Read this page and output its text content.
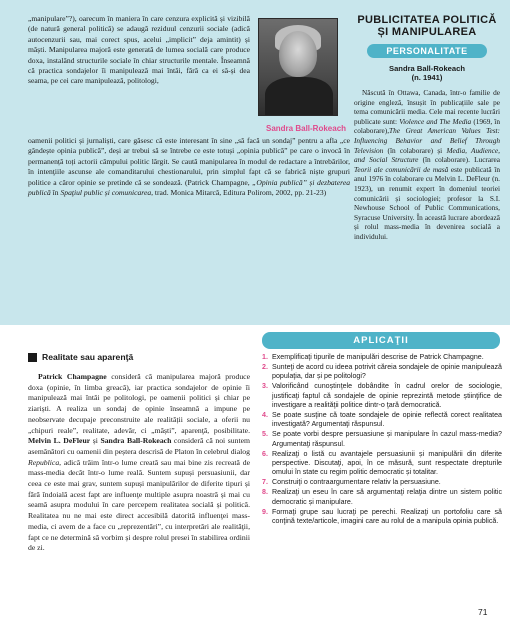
„manipulare”?), oarecum în maniera în care cenzura explicită și vizibilă (de natură general politică) se adaugă reziduul cenzurii sociale (adică autocenzurii sau, mai corect spus, acelui „implicit” deja amintit) și măști. Manipularea majoră este generată de lumea socială care produce doxa, instalând structurile sociale în chiar structurile mentale. Înseamnă că practica sondajelor îi manipulează mai întâi, fără ca ei să-și dea seama, pe cei care manipulează, politologi,
oamenii politici și jurnaliști, care găsesc că este interesant în sine „să facă un sondaj” pentru a afla „ce gândește opinia publică”, deși ar trebui să se întrebe ce este totuși „opinia publică” pe care o invocă în permanență toți actorii câmpului politic lărgit. Se caută manipularea în modul de redactare a întrebărilor, în intenţiile ascunse ale comanditarului chestionarului, prin simplul fapt că se fabrică niște grupuri politice a căror opinie se pretinde că se sondează. (Patrick Champagne, „Opinia publică” și dezbaterea publică în Spaţiul public și comunicarea, trad. Monica Mitarcă, Editura Polirom, 2002, pp. 21-23)
Sandra Ball-Rokeach
PUBLICITATEA POLITICĂ
ȘI MANIPULAREA
PERSONALITATE
Sandra Ball-Rokeach
(n. 1941)
Născută în Ottawa, Canada, într-o familie de origine engleză, însușit în publicațiile sale pe tema comunicării media. Cele mai recente lucrări publicate sunt: Violence and The Media (1969, în colaborare),The Great American Values Test: Influencing Behavior and Belief Through Television (în colaborare) și Media, Audience, and Social Structure (în colaborare). Lucrarea Teorii ale comunicării de masă este publicată în anul 1976 în colaborare cu Melvin L. DeFleur (n. 1923), un renumit expert în domeniul teoriei comunicării și sociologiei; profesor la S.I. Newhouse School of Public Communications, Syracuse University. În această lucrare abordează și rolul mass-media în devenirea socială a individului.
Realitate sau aparenţă
Patrick Champagne consideră că manipularea majoră produce doxa (opinie, în limba greacă), iar practica sondajelor de opinie îi manipulează mai întâi pe politologi, pe oamenii politici și chiar pe ziariști. A realiza un sondaj de opinie înseamnă a impune pe neobservate decupaje preconstruite ale realității sociale, a oferii nu „chipuri reale”, realitate, adevăr, ci „măști”, aparenţă, posibilitate. Melvin L. DeFleur și Sandra Ball-Rokeach consideră că noi suntem asemănători cu oamenii din peștera descrisă de Platon în celebrul dialog Republica, adică trăim într-o lume creată sau mai bine zis recreată de mass-media decât într-o lume reală. Suntem supuși persuasiunii, dar ceea ce este mai grav, suntem supuși manipulărilor de diferite tipuri și fără îndoială acest fapt are influenţe multiple asupra noastră și mai cu seamă asupra modului în care percepem realitatea socială și politică. Realitatea nu ne mai este direct accesibilă datorită influenţei mass-media, ci avem de a face cu „reprezentări”, cu interpretări ale realităţii, fapt ce ne determină să vorbim și despre rolul presei în stabilirea ordinii de zi.
APLICAŢII
1. Exemplificaţi tipurile de manipulări descrise de Patrick Champagne.
2. Sunteţi de acord cu ideea potrivit căreia sondajele de opinie manipulează populaţia, dar și pe politologi?
3. Valorificând cunoștinţele dobândite în cadrul orelor de sociologie, justificaţi faptul că sondajele de opinie reprezintă metode știinţifice de investigare a realităţii politice dintr-o ţară democratică.
4. Se poate susţine că toate sondajele de opinie reflectă corect realitatea investigată? Argumentaţi răspunsul.
5. Se poate vorbi despre persuasiune și manipulare în cazul mass-media? Argumentaţi răspunsul.
6. Realizaţi o listă cu avantajele persuasiunii și manipulării din diferite perspective. Discutaţi, apoi, în ce măsură, sunt respectate drepturile omului în state cu regim politic democratic și totalitar.
7. Construiţi o contraargumentare relativ la persuasiune.
8. Realizaţi un eseu în care să argumentaţi relaţia dintre un sistem politic democratic și manipulare.
9. Formaţi grupe sau lucraţi pe perechi. Realizaţi un portofoliu care să conţină texte/articole, imagini care au rolul de a manipula opinia publică.
71
